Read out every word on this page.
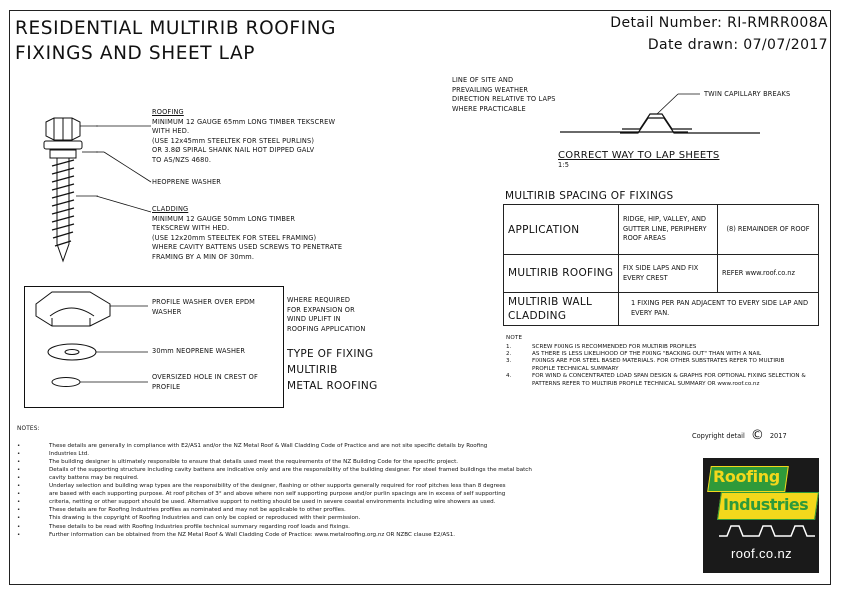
RESIDENTIAL MULTIRIB ROOFING
FIXINGS AND SHEET LAP
Detail Number: RI-RMRR008A
Date drawn: 07/07/2017
ROOFING
MINIMUM 12 GAUGE 65mm LONG TIMBER TEKSCREW
WITH HED.
(USE 12x45mm STEELTEK FOR STEEL PURLINS)
OR 3.8Ø SPIRAL SHANK NAIL HOT DIPPED GALV
TO AS/NZS 4680.
HEOPRENE WASHER
CLADDING
MINIMUM 12 GAUGE 50mm LONG TIMBER
TEKSCREW WITH HED.
(USE 12x20mm STEELTEK FOR STEEL FRAMING)
WHERE CAVITY BATTENS USED SCREWS TO PENETRATE
FRAMING BY A MIN OF 30mm.
PROFILE WASHER OVER EPDM
WASHER
30mm NEOPRENE WASHER
OVERSIZED HOLE IN CREST OF
PROFILE
WHERE REQUIRED
FOR EXPANSION OR
WIND UPLIFT IN
ROOFING APPLICATION
TYPE OF FIXING
MULTIRIB
METAL ROOFING
LINE OF SITE AND
PREVAILING WEATHER
DIRECTION RELATIVE TO LAPS
WHERE PRACTICABLE
TWIN CAPILLARY BREAKS
CORRECT WAY TO LAP SHEETS
1:5
MULTIRIB SPACING OF FIXINGS
APPLICATION	RIDGE, HIP, VALLEY, AND GUTTER LINE, PERIPHERY ROOF AREAS	(8) REMAINDER OF ROOF
MULTIRIB ROOFING	FIX SIDE LAPS AND FIX EVERY CREST	REFER www.roof.co.nz
MULTIRIB WALL CLADDING	1 FIXING PER PAN ADJACENT TO EVERY SIDE LAP AND EVERY PAN.	
NOTE
1.	SCREW FIXING IS RECOMMENDED FOR MULTIRIB PROFILES
2.	AS THERE IS LESS LIKELIHOOD OF THE FIXING "BACKING OUT" THAN WITH A NAIL
3.	FIXINGS ARE FOR STEEL BASED MATERIALS. FOR OTHER SUBSTRATES REFER TO MULTIRIB
PROFILE TECHNICAL SUMMARY
4.	FOR WIND & CONCENTRATED LOAD SPAN DESIGN & GRAPHS FOR OPTIONAL FIXING SELECTION &
PATTERNS REFER TO MULTIRIB PROFILE TECHNICAL SUMMARY OR www.roof.co.nz
NOTES:
• These details are generally in compliance with E2/AS1 and/or the NZ Metal Roof & Wall Cladding Code of Practice and are not site specific details by Roofing
• Industries Ltd.
• The building designer is ultimately responsible to ensure that details used meet the requirements of the NZ Building Code for the specific project.
• Details of the supporting structure including cavity battens are indicative only and are the responsibility of the building designer. For steel framed buildings the metal batch
• cavity battens may be required.
• Underlay selection and building wrap types are the responsibility of the designer, flashing or other supports generally required for roof pitches less than 8 degrees
• are based with each supporting purpose. At roof pitches of 3° and above where non self supporting purpose and/or purlin spacings are in excess of self supporting
• criteria, netting or other support should be used. Alternative support to netting should be used in severe coastal environments including wire showers as used.
• These details are for Roofing Industries profiles as nominated and may not be applicable to other profiles.
• This drawing is the copyright of Roofing Industries and can only be copied or reproduced with their permission.
• These details to be read with Roofing Industries profile technical summary regarding roof loads and fixings.
• Further information can be obtained from the NZ Metal Roof & Wall Cladding Code of Practice: www.metalroofing.org.nz OR NZBC clause E2/AS1.
Copyright detail © 2017
Roofing
Industries
roof.co.nz
